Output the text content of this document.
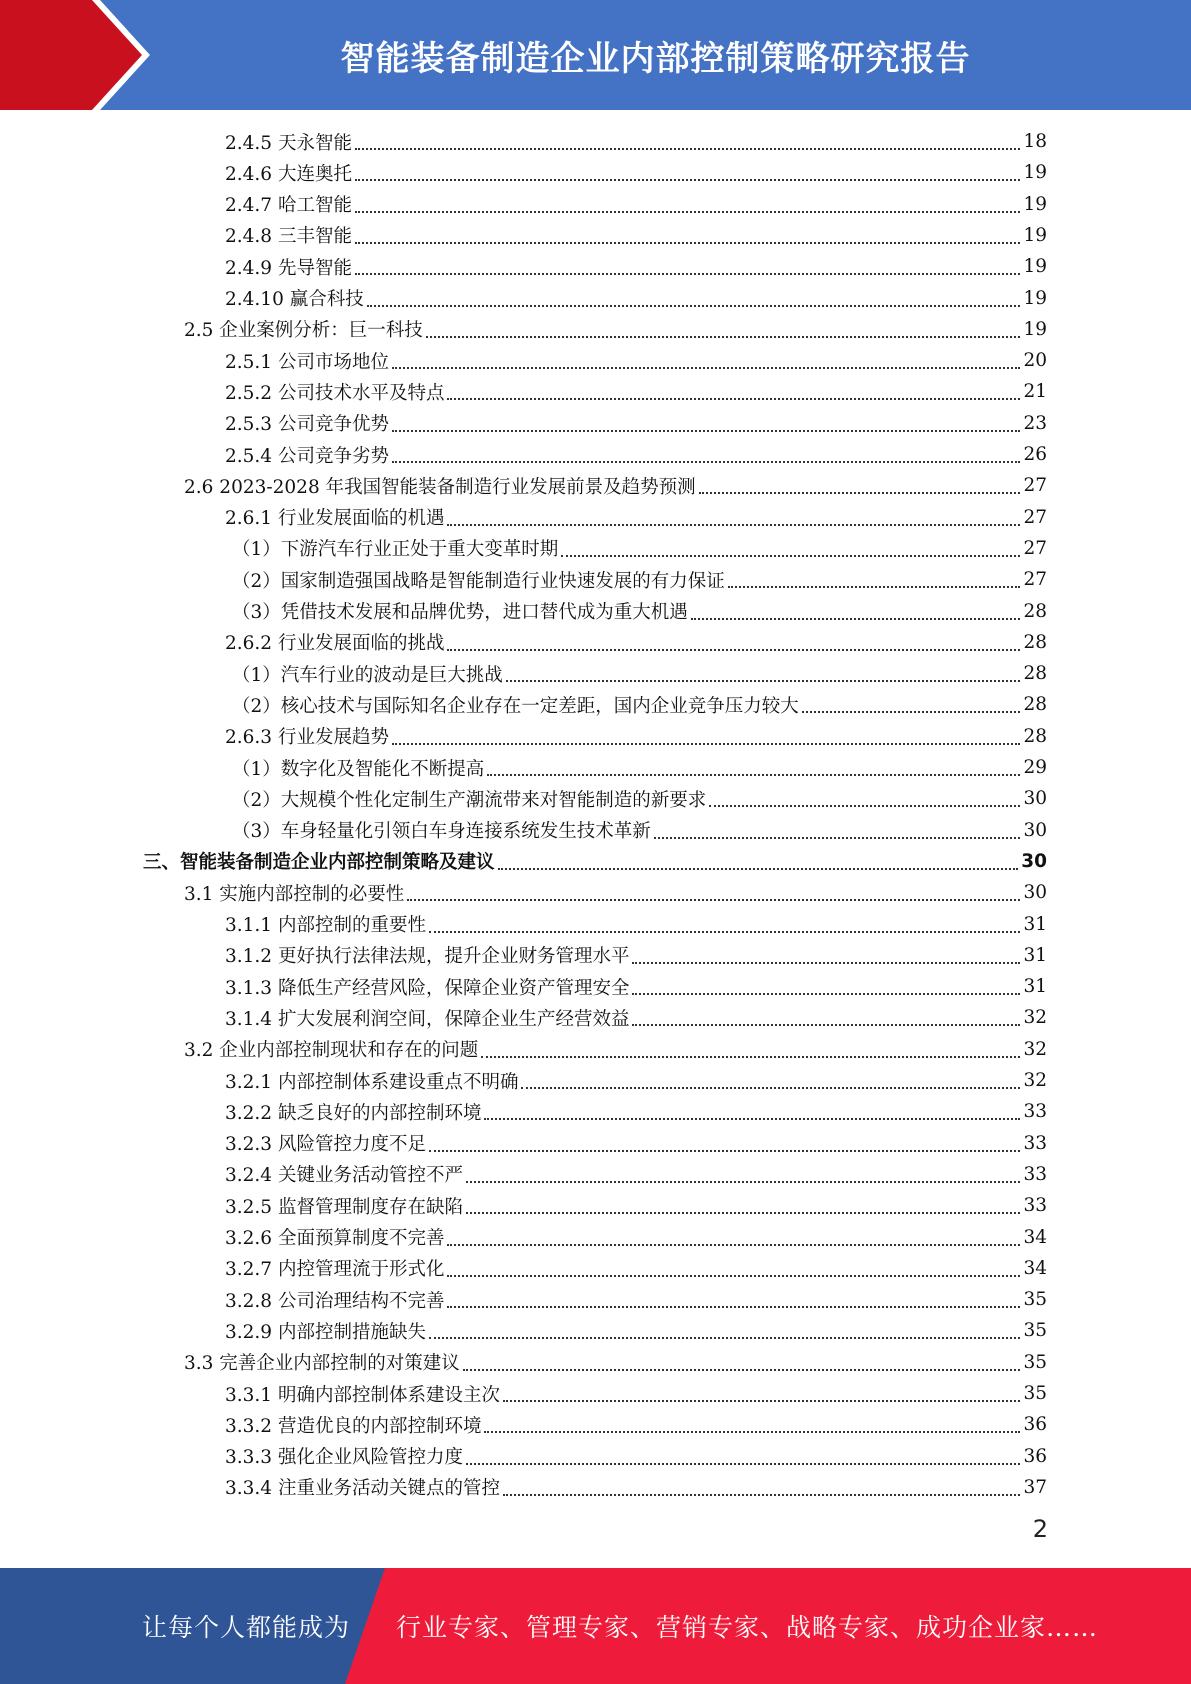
智能装备制造企业内部控制策略研究报告
2.4.5 天永智能	18
2.4.6 大连奥托	19
2.4.7 哈工智能	19
2.4.8 三丰智能	19
2.4.9 先导智能	19
2.4.10 赢合科技	19
2.5 企业案例分析：巨一科技	19
2.5.1 公司市场地位	20
2.5.2 公司技术水平及特点	21
2.5.3 公司竞争优势	23
2.5.4 公司竞争劣势	26
2.6 2023-2028 年我国智能装备制造行业发展前景及趋势预测	27
2.6.1 行业发展面临的机遇	27
（1）下游汽车行业正处于重大变革时期	27
（2）国家制造强国战略是智能制造行业快速发展的有力保证	27
（3）凭借技术发展和品牌优势，进口替代成为重大机遇	28
2.6.2 行业发展面临的挑战	28
（1）汽车行业的波动是巨大挑战	28
（2）核心技术与国际知名企业存在一定差距，国内企业竞争压力较大	28
2.6.3 行业发展趋势	28
（1）数字化及智能化不断提高	29
（2）大规模个性化定制生产潮流带来对智能制造的新要求	30
（3）车身轻量化引领白车身连接系统发生技术革新	30
三、智能装备制造企业内部控制策略及建议	30
3.1 实施内部控制的必要性	30
3.1.1 内部控制的重要性	31
3.1.2 更好执行法律法规，提升企业财务管理水平	31
3.1.3 降低生产经营风险，保障企业资产管理安全	31
3.1.4 扩大发展利润空间，保障企业生产经营效益	32
3.2 企业内部控制现状和存在的问题	32
3.2.1 内部控制体系建设重点不明确	32
3.2.2 缺乏良好的内部控制环境	33
3.2.3 风险管控力度不足	33
3.2.4 关键业务活动管控不严	33
3.2.5 监督管理制度存在缺陷	33
3.2.6 全面预算制度不完善	34
3.2.7 内控管理流于形式化	34
3.2.8 公司治理结构不完善	35
3.2.9 内部控制措施缺失	35
3.3 完善企业内部控制的对策建议	35
3.3.1 明确内部控制体系建设主次	35
3.3.2 营造优良的内部控制环境	36
3.3.3 强化企业风险管控力度	36
3.3.4 注重业务活动关键点的管控	37
2
让每个人都能成为 行业专家、管理专家、营销专家、战略专家、成功企业家……
